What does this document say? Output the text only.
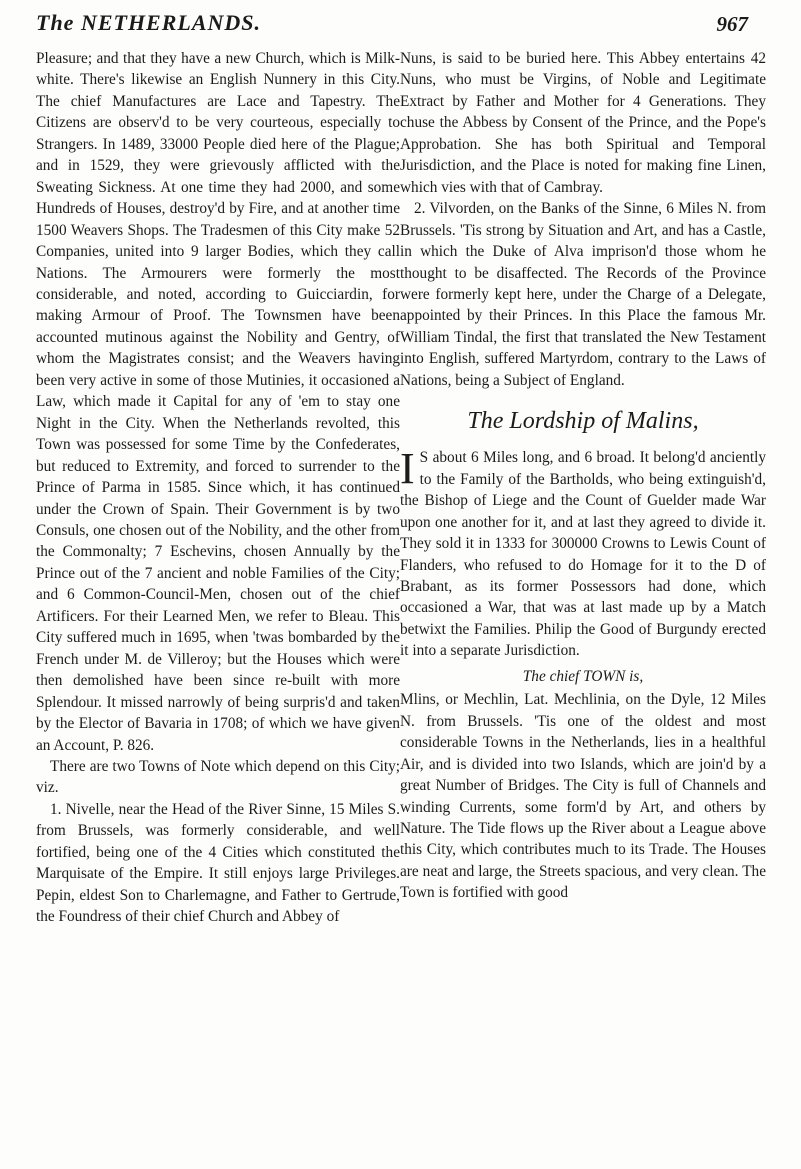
The NETHERLANDS.	967

Pleasure; and that they have a new Church, which is Milk-white. There's likewise an English Nunnery in this City. The chief Manufactures are Lace and Tapestry. The Citizens are observ'd to be very courteous, especially to Strangers. In 1489, 33000 People died here of the Plague; and in 1529, they were grievously afflicted with the Sweating Sickness. At one time they had 2000, and some Hundreds of Houses, destroy'd by Fire, and at another time 1500 Weavers Shops. The Tradesmen of this City make 52 Companies, united into 9 larger Bodies, which they call Nations. The Armourers were formerly the most considerable, and noted, according to Guicciardin, for making Armour of Proof. The Townsmen have been accounted mutinous against the Nobility and Gentry, of whom the Magistrates consist; and the Weavers having been very active in some of those Mutinies, it occasioned a Law, which made it Capital for any of 'em to stay one Night in the City. When the Netherlands revolted, this Town was possessed for some Time by the Confederates, but reduced to Extremity, and forced to surrender to the Prince of Parma in 1585. Since which, it has continued under the Crown of Spain. Their Government is by two Consuls, one chosen out of the Nobility, and the other from the Commonalty; 7 Eschevins, chosen Annually by the Prince out of the 7 ancient and noble Families of the City; and 6 Common-Council-Men, chosen out of the chief Artificers. For their Learned Men, we refer to Bleau. This City suffered much in 1695, when 'twas bombarded by the French under M. de Villeroy; but the Houses which were then demolished have been since re-built with more Splendour. It missed narrowly of being surpris'd and taken by the Elector of Bavaria in 1708; of which we have given an Account, P. 826.

There are two Towns of Note which depend on this City; viz.

1. Nivelle, near the Head of the River Sinne, 15 Miles S. from Brussels, was formerly considerable, and well fortified, being one of the 4 Cities which constituted the Marquisate of the Empire. It still enjoys large Privileges. Pepin, eldest Son to Charlemagne, and Father to Gertrude, the Foundress of their chief Church and Abbey of

Nuns, is said to be buried here. This Abbey entertains 42 Nuns, who must be Virgins, of Noble and Legitimate Extract by Father and Mother for 4 Generations. They chuse the Abbess by Consent of the Prince, and the Pope's Approbation. She has both Spiritual and Temporal Jurisdiction, and the Place is noted for making fine Linen, which vies with that of Cambray.

2. Vilvorden, on the Banks of the Sinne, 6 Miles N. from Brussels. 'Tis strong by Situation and Art, and has a Castle, in which the Duke of Alva imprison'd those whom he thought to be disaffected. The Records of the Province were formerly kept here, under the Charge of a Delegate, appointed by their Princes. In this Place the famous Mr. William Tindal, the first that translated the New Testament into English, suffered Martyrdom, contrary to the Laws of Nations, being a Subject of England.

The Lordship of Malins,

I S about 6 Miles long, and 6 broad. It belong'd anciently to the Family of the Bartholds, who being extinguish'd, the Bishop of Liege and the Count of Guelder made War upon one another for it, and at last they agreed to divide it. They sold it in 1333 for 300000 Crowns to Lewis Count of Flanders, who refused to do Homage for it to the D of Brabant, as its former Possessors had done, which occasioned a War, that was at last made up by a Match betwixt the Families. Philip the Good of Burgundy erected it into a separate Jurisdiction.

The chief TOWN is,

Mlins, or Mechlin, Lat. Mechlinia, on the Dyle, 12 Miles N. from Brussels. 'Tis one of the oldest and most considerable Towns in the Netherlands, lies in a healthful Air, and is divided into two Islands, which are join'd by a great Number of Bridges. The City is full of Channels and winding Currents, some form'd by Art, and others by Nature. The Tide flows up the River about a League above this City, which contributes much to its Trade. The Houses are neat and large, the Streets spacious, and very clean. The Town is fortified with good
